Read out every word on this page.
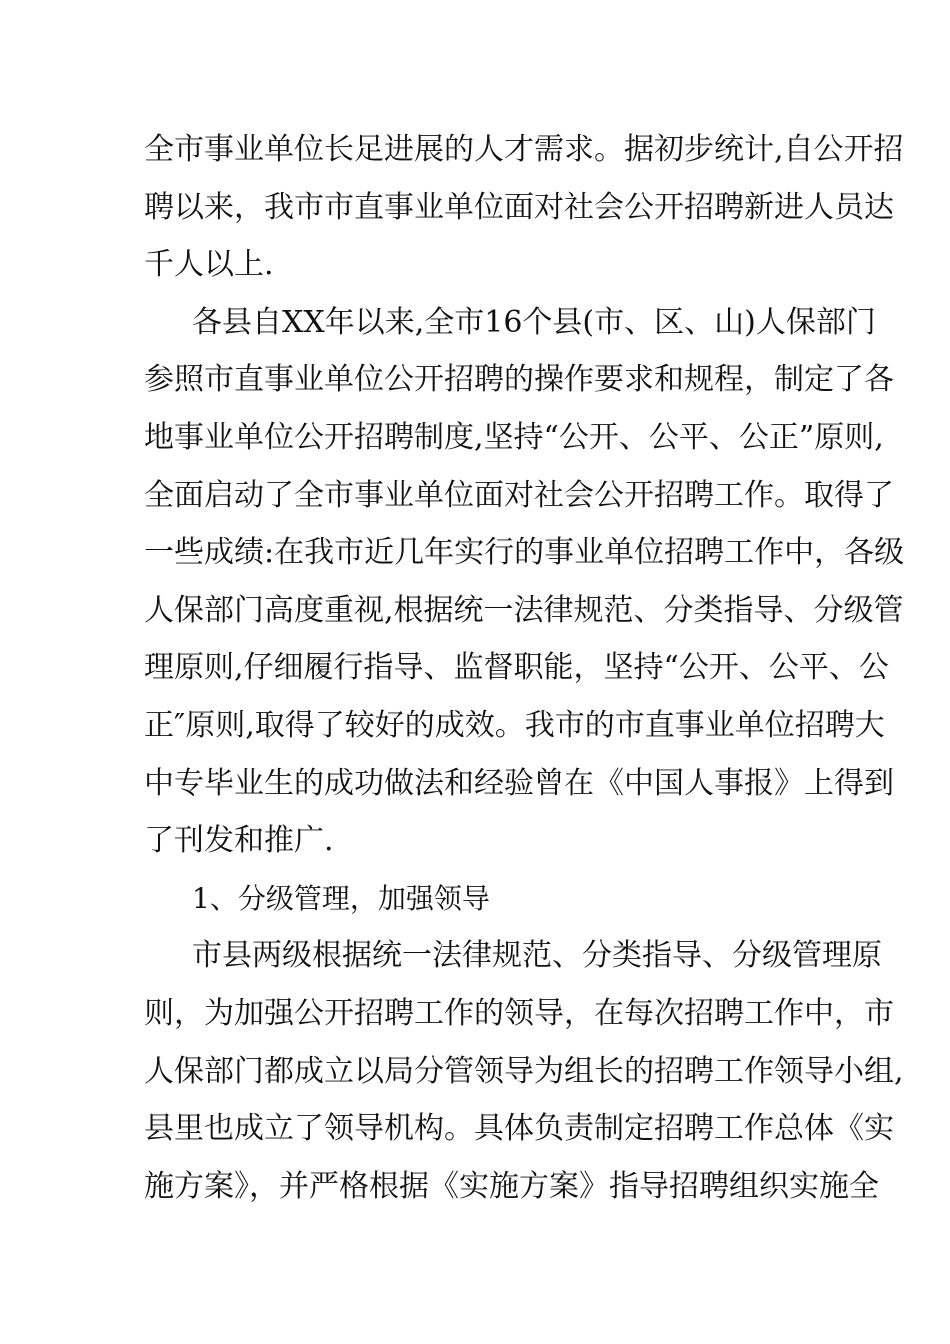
全市事业单位长足进展的人才需求。据初步统计,自公开招
聘以来，我市市直事业单位面对社会公开招聘新进人员达
千人以上.
各县自XX年以来,全市16个县(市、区、山)人保部门
参照市直事业单位公开招聘的操作要求和规程，制定了各
地事业单位公开招聘制度,坚持“公开、公平、公正”原则,
全面启动了全市事业单位面对社会公开招聘工作。取得了
一些成绩:在我市近几年实行的事业单位招聘工作中，各级
人保部门高度重视,根据统一法律规范、分类指导、分级管
理原则,仔细履行指导、监督职能，坚持“公开、公平、公
正″原则,取得了较好的成效。我市的市直事业单位招聘大
中专毕业生的成功做法和经验曾在《中国人事报》上得到
了刊发和推广.
1、分级管理，加强领导
市县两级根据统一法律规范、分类指导、分级管理原
则，为加强公开招聘工作的领导，在每次招聘工作中，市
人保部门都成立以局分管领导为组长的招聘工作领导小组,
县里也成立了领导机构。具体负责制定招聘工作总体《实
施方案》，并严格根据《实施方案》指导招聘组织实施全
